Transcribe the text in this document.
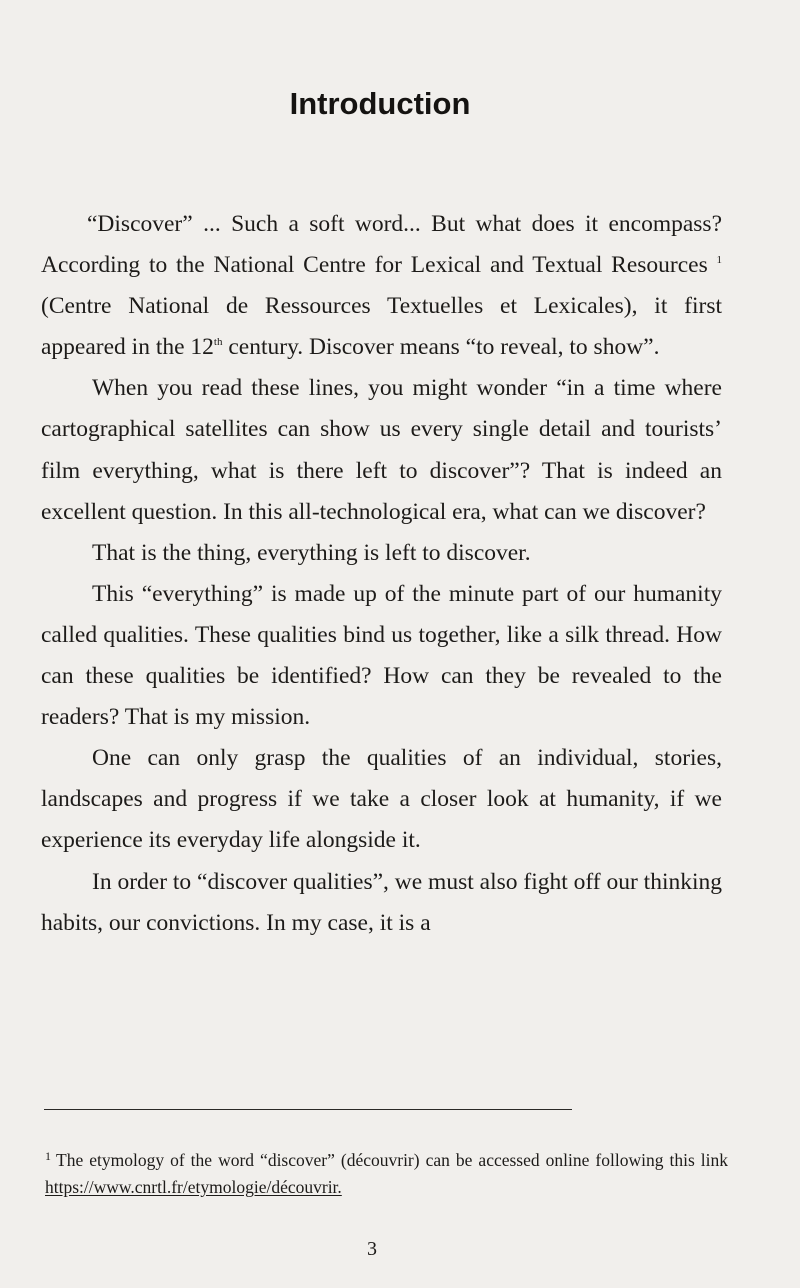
Introduction

“Discover” ... Such a soft word... But what does it encompass? According to the National Centre for Lexical and Textual Resources $^1$ (Centre National de Ressources Textuelles et Lexicales), it first appeared in the 12th century. Discover means “to reveal, to show”.

When you read these lines, you might wonder “in a time where cartographical satellites can show us every single detail and tourists’ film everything, what is there left to discover”? That is indeed an excellent question. In this all-technological era, what can we discover?

That is the thing, everything is left to discover.

This “everything” is made up of the minute part of our humanity called qualities. These qualities bind us together, like a silk thread. How can these qualities be identified? How can they be revealed to the readers? That is my mission.

One can only grasp the qualities of an individual, stories, landscapes and progress if we take a closer look at humanity, if we experience its everyday life alongside it.

In order to “discover qualities”, we must also fight off our thinking habits, our convictions. In my case, it is a

$^1$ The etymology of the word “discover” (découvrir) can be accessed online following this link https://www.cnrtl.fr/etymologie/découvrir.
3
